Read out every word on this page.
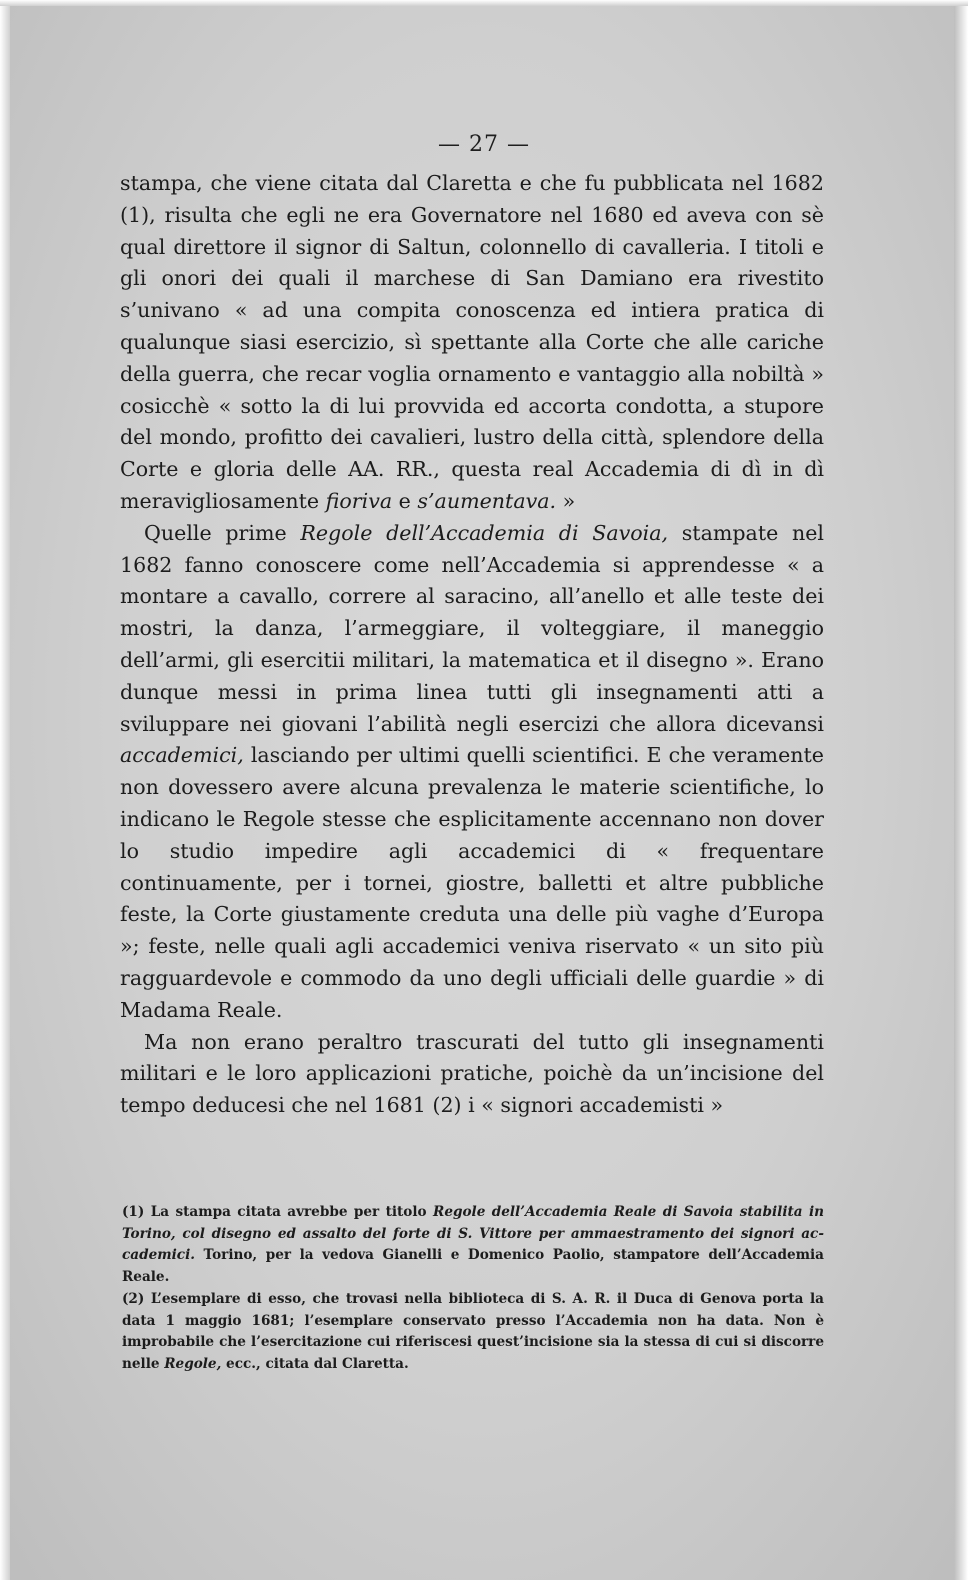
— 27 —

stampa, che viene citata dal Claretta e che fu pubblicata nel 1682 (1), risulta che egli ne era Governatore nel 1680 ed aveva con sè qual direttore il signor di Saltun, colonnello di cavalleria. I titoli e gli onori dei quali il marchese di San Damiano era rivestito s’univano « ad una compita conoscenza ed intiera pratica di qualunque siasi esercizio, sì spettante alla Corte che alle cariche della guerra, che recar voglia ornamento e vantaggio alla nobiltà » cosicchè « sotto la di lui provvida ed accorta condotta, a stupore del mondo, profitto dei cavalieri, lustro della città, splendore della Corte e gloria delle AA. RR., questa real Accademia di dì in dì meravigliosamente fioriva e s’aumentava. »

Quelle prime Regole dell’Accademia di Savoia, stampate nel 1682 fanno conoscere come nell’Accademia si apprendesse « a montare a cavallo, correre al saracino, all’anello et alle teste dei mostri, la danza, l’armeggiare, il volteggiare, il maneggio dell’armi, gli esercitii militari, la matematica et il disegno ». Erano dunque messi in prima linea tutti gli insegnamenti atti a sviluppare nei giovani l’abilità negli esercizi che allora dicevansi accademici, lasciando per ultimi quelli scientifici. E che veramente non dovessero avere alcuna prevalenza le materie scientifiche, lo indicano le Regole stesse che esplicitamente accennano non dover lo studio impedire agli accademici di « frequentare continuamente, per i tornei, giostre, balletti et altre pubbliche feste, la Corte giustamente creduta una delle più vaghe d’Europa »; feste, nelle quali agli accademici veniva riservato « un sito più ragguardevole e commodo da uno degli ufficiali delle guardie » di Madama Reale.

Ma non erano peraltro trascurati del tutto gli insegnamenti militari e le loro applicazioni pratiche, poichè da un’incisione del tempo deducesi che nel 1681 (2) i « signori accademisti »

(1) La stampa citata avrebbe per titolo Regole dell’Accademia Reale di Savoia stabilita in Torino, col disegno ed assalto del forte di S. Vittore per ammaestramento dei signori accademici. Torino, per la vedova Gianelli e Domenico Paolio, stampatore dell’Accademia Reale.

(2) L’esemplare di esso, che trovasi nella biblioteca di S. A. R. il Duca di Genova porta la data 1 maggio 1681; l’esemplare conservato presso l’Accademia non ha data. Non è improbabile che l’esercitazione cui riferiscesi quest’incisione sia la stessa di cui si discorre nelle Regole, ecc., citata dal Claretta.
